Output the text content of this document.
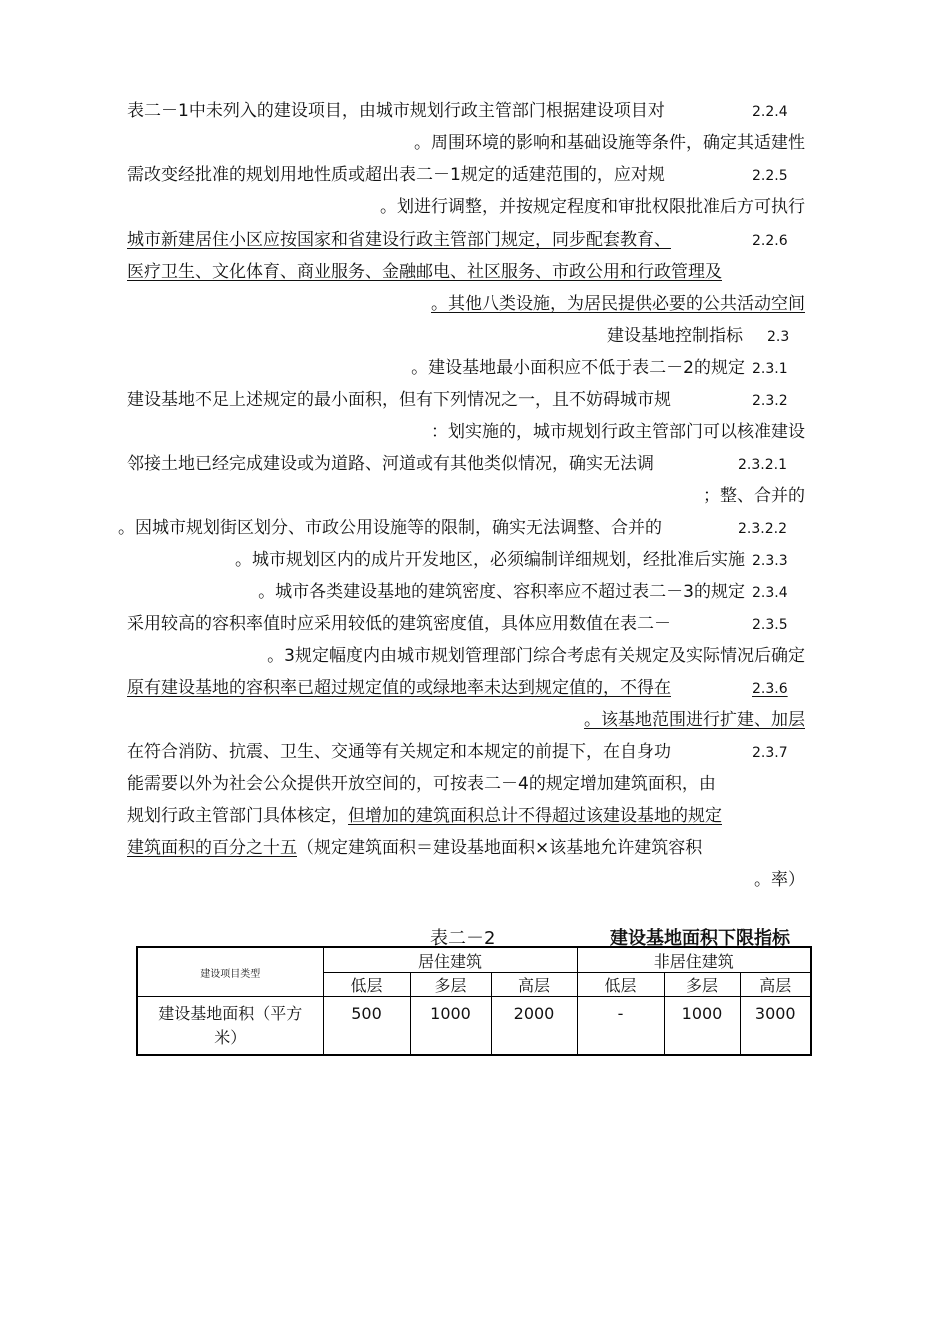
表二－1中未列入的建设项目，由城市规划行政主管部门根据建设项目对	2.2.4
。周围环境的影响和基础设施等条件，确定其适建性
需改变经批准的规划用地性质或超出表二－1规定的适建范围的，应对规	2.2.5
。划进行调整，并按规定程度和审批权限批准后方可执行
城市新建居住小区应按国家和省建设行政主管部门规定，同步配套教育、	2.2.6
医疗卫生、文化体育、商业服务、金融邮电、社区服务、市政公用和行政管理及
。其他八类设施，为居民提供必要的公共活动空间
建设基地控制指标 2.3
。建设基地最小面积应不低于表二－2的规定 2.3.1
建设基地不足上述规定的最小面积，但有下列情况之一，且不妨碍城市规	2.3.2
：划实施的，城市规划行政主管部门可以核准建设
邻接土地已经完成建设或为道路、河道或有其他类似情况，确实无法调	2.3.2.1
；整、合并的
。因城市规划街区划分、市政公用设施等的限制，确实无法调整、合并的	2.3.2.2
。城市规划区内的成片开发地区，必须编制详细规划，经批准后实施 2.3.3
。城市各类建设基地的建筑密度、容积率应不超过表二－3的规定 2.3.4
采用较高的容积率值时应采用较低的建筑密度值，具体应用数值在表二－	2.3.5
。3规定幅度内由城市规划管理部门综合考虑有关规定及实际情况后确定
原有建设基地的容积率已超过规定值的或绿地率未达到规定值的，不得在	2.3.6
。该基地范围进行扩建、加层
在符合消防、抗震、卫生、交通等有关规定和本规定的前提下，在自身功	2.3.7
能需要以外为社会公众提供开放空间的，可按表二－4的规定增加建筑面积，由
规划行政主管部门具体核定，但增加的建筑面积总计不得超过该建设基地的规定
建筑面积的百分之十五（规定建筑面积＝建设基地面积×该基地允许建筑容积
。率）
表二－2	建设基地面积下限指标
建设项目类型	居住建筑			非居住建筑		
	低层	多层	高层	低层	多层	高层
建设基地面积（平方米）	500	1000	2000	-	1000	3000
